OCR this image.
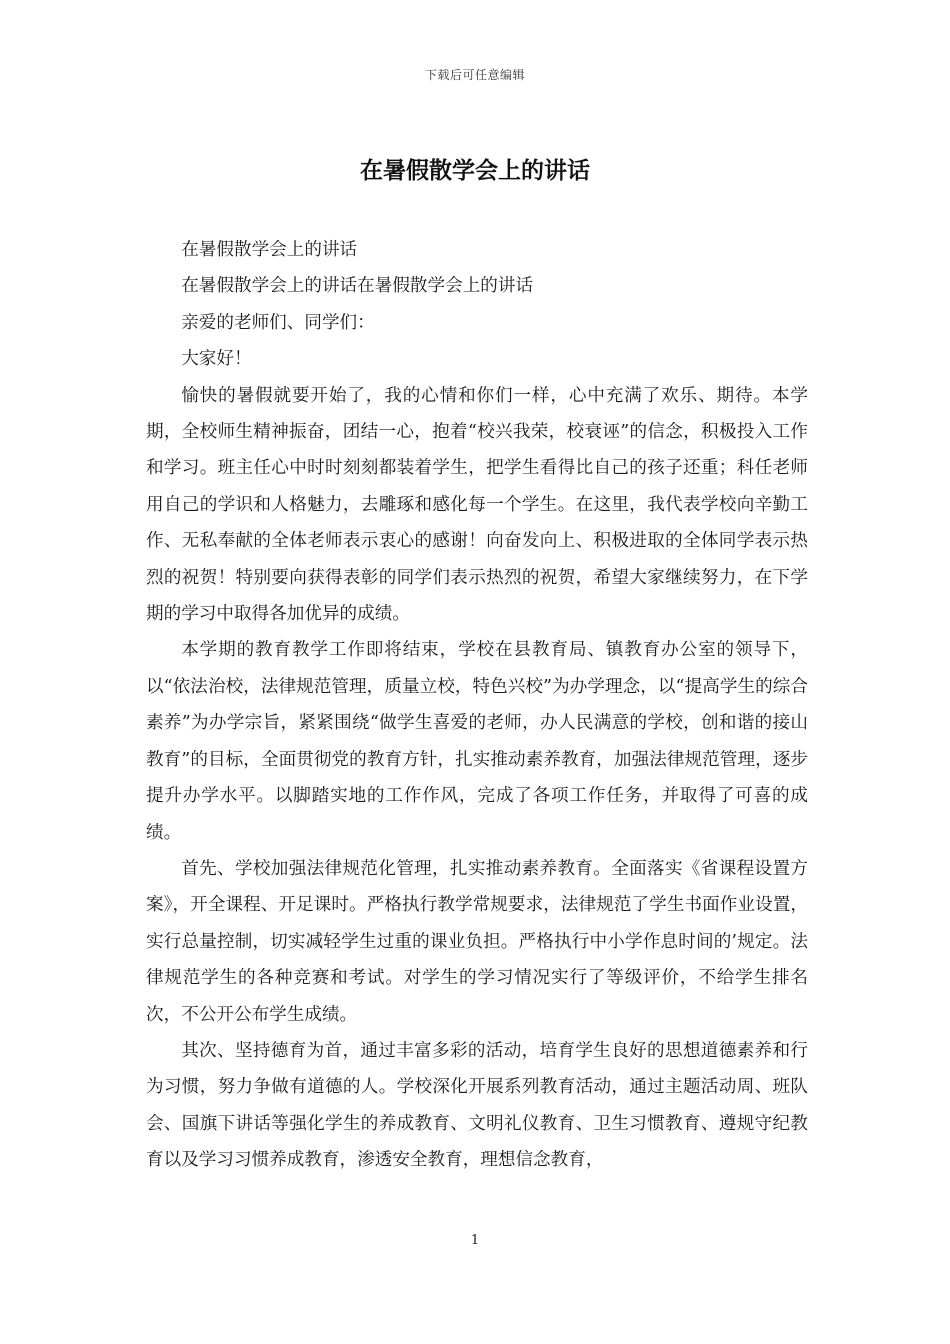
下载后可任意编辑
在暑假散学会上的讲话

在暑假散学会上的讲话

在暑假散学会上的讲话在暑假散学会上的讲话

亲爱的老师们、同学们：

大家好！

愉快的暑假就要开始了，我的心情和你们一样，心中充满了欢乐、期待。本学期，全校师生精神振奋，团结一心，抱着“校兴我荣，校衰诬”的信念，积极投入工作和学习。班主任心中时时刻刻都装着学生，把学生看得比自己的孩子还重；科任老师用自己的学识和人格魅力，去雕琢和感化每一个学生。在这里，我代表学校向辛勤工作、无私奉献的全体老师表示衷心的感谢！向奋发向上、积极进取的全体同学表示热烈的祝贺！特别要向获得表彰的同学们表示热烈的祝贺，希望大家继续努力，在下学期的学习中取得各加优异的成绩。

本学期的教育教学工作即将结束，学校在县教育局、镇教育办公室的领导下，以“依法治校，法律规范管理，质量立校，特色兴校”为办学理念，以“提高学生的综合素养”为办学宗旨，紧紧围绕“做学生喜爱的老师，办人民满意的学校，创和谐的接山教育”的目标，全面贯彻党的教育方针，扎实推动素养教育，加强法律规范管理，逐步提升办学水平。以脚踏实地的工作作风，完成了各项工作任务，并取得了可喜的成绩。

首先、学校加强法律规范化管理，扎实推动素养教育。全面落实《省课程设置方案》，开全课程、开足课时。严格执行教学常规要求，法律规范了学生书面作业设置，实行总量控制，切实减轻学生过重的课业负担。严格执行中小学作息时间的’规定。法律规范学生的各种竞赛和考试。对学生的学习情况实行了等级评价，不给学生排名次，不公开公布学生成绩。

其次、坚持德育为首，通过丰富多彩的活动，培育学生良好的思想道德素养和行为习惯，努力争做有道德的人。学校深化开展系列教育活动，通过主题活动周、班队会、国旗下讲话等强化学生的养成教育、文明礼仪教育、卫生习惯教育、遵规守纪教育以及学习习惯养成教育，渗透安全教育，理想信念教育，

1
